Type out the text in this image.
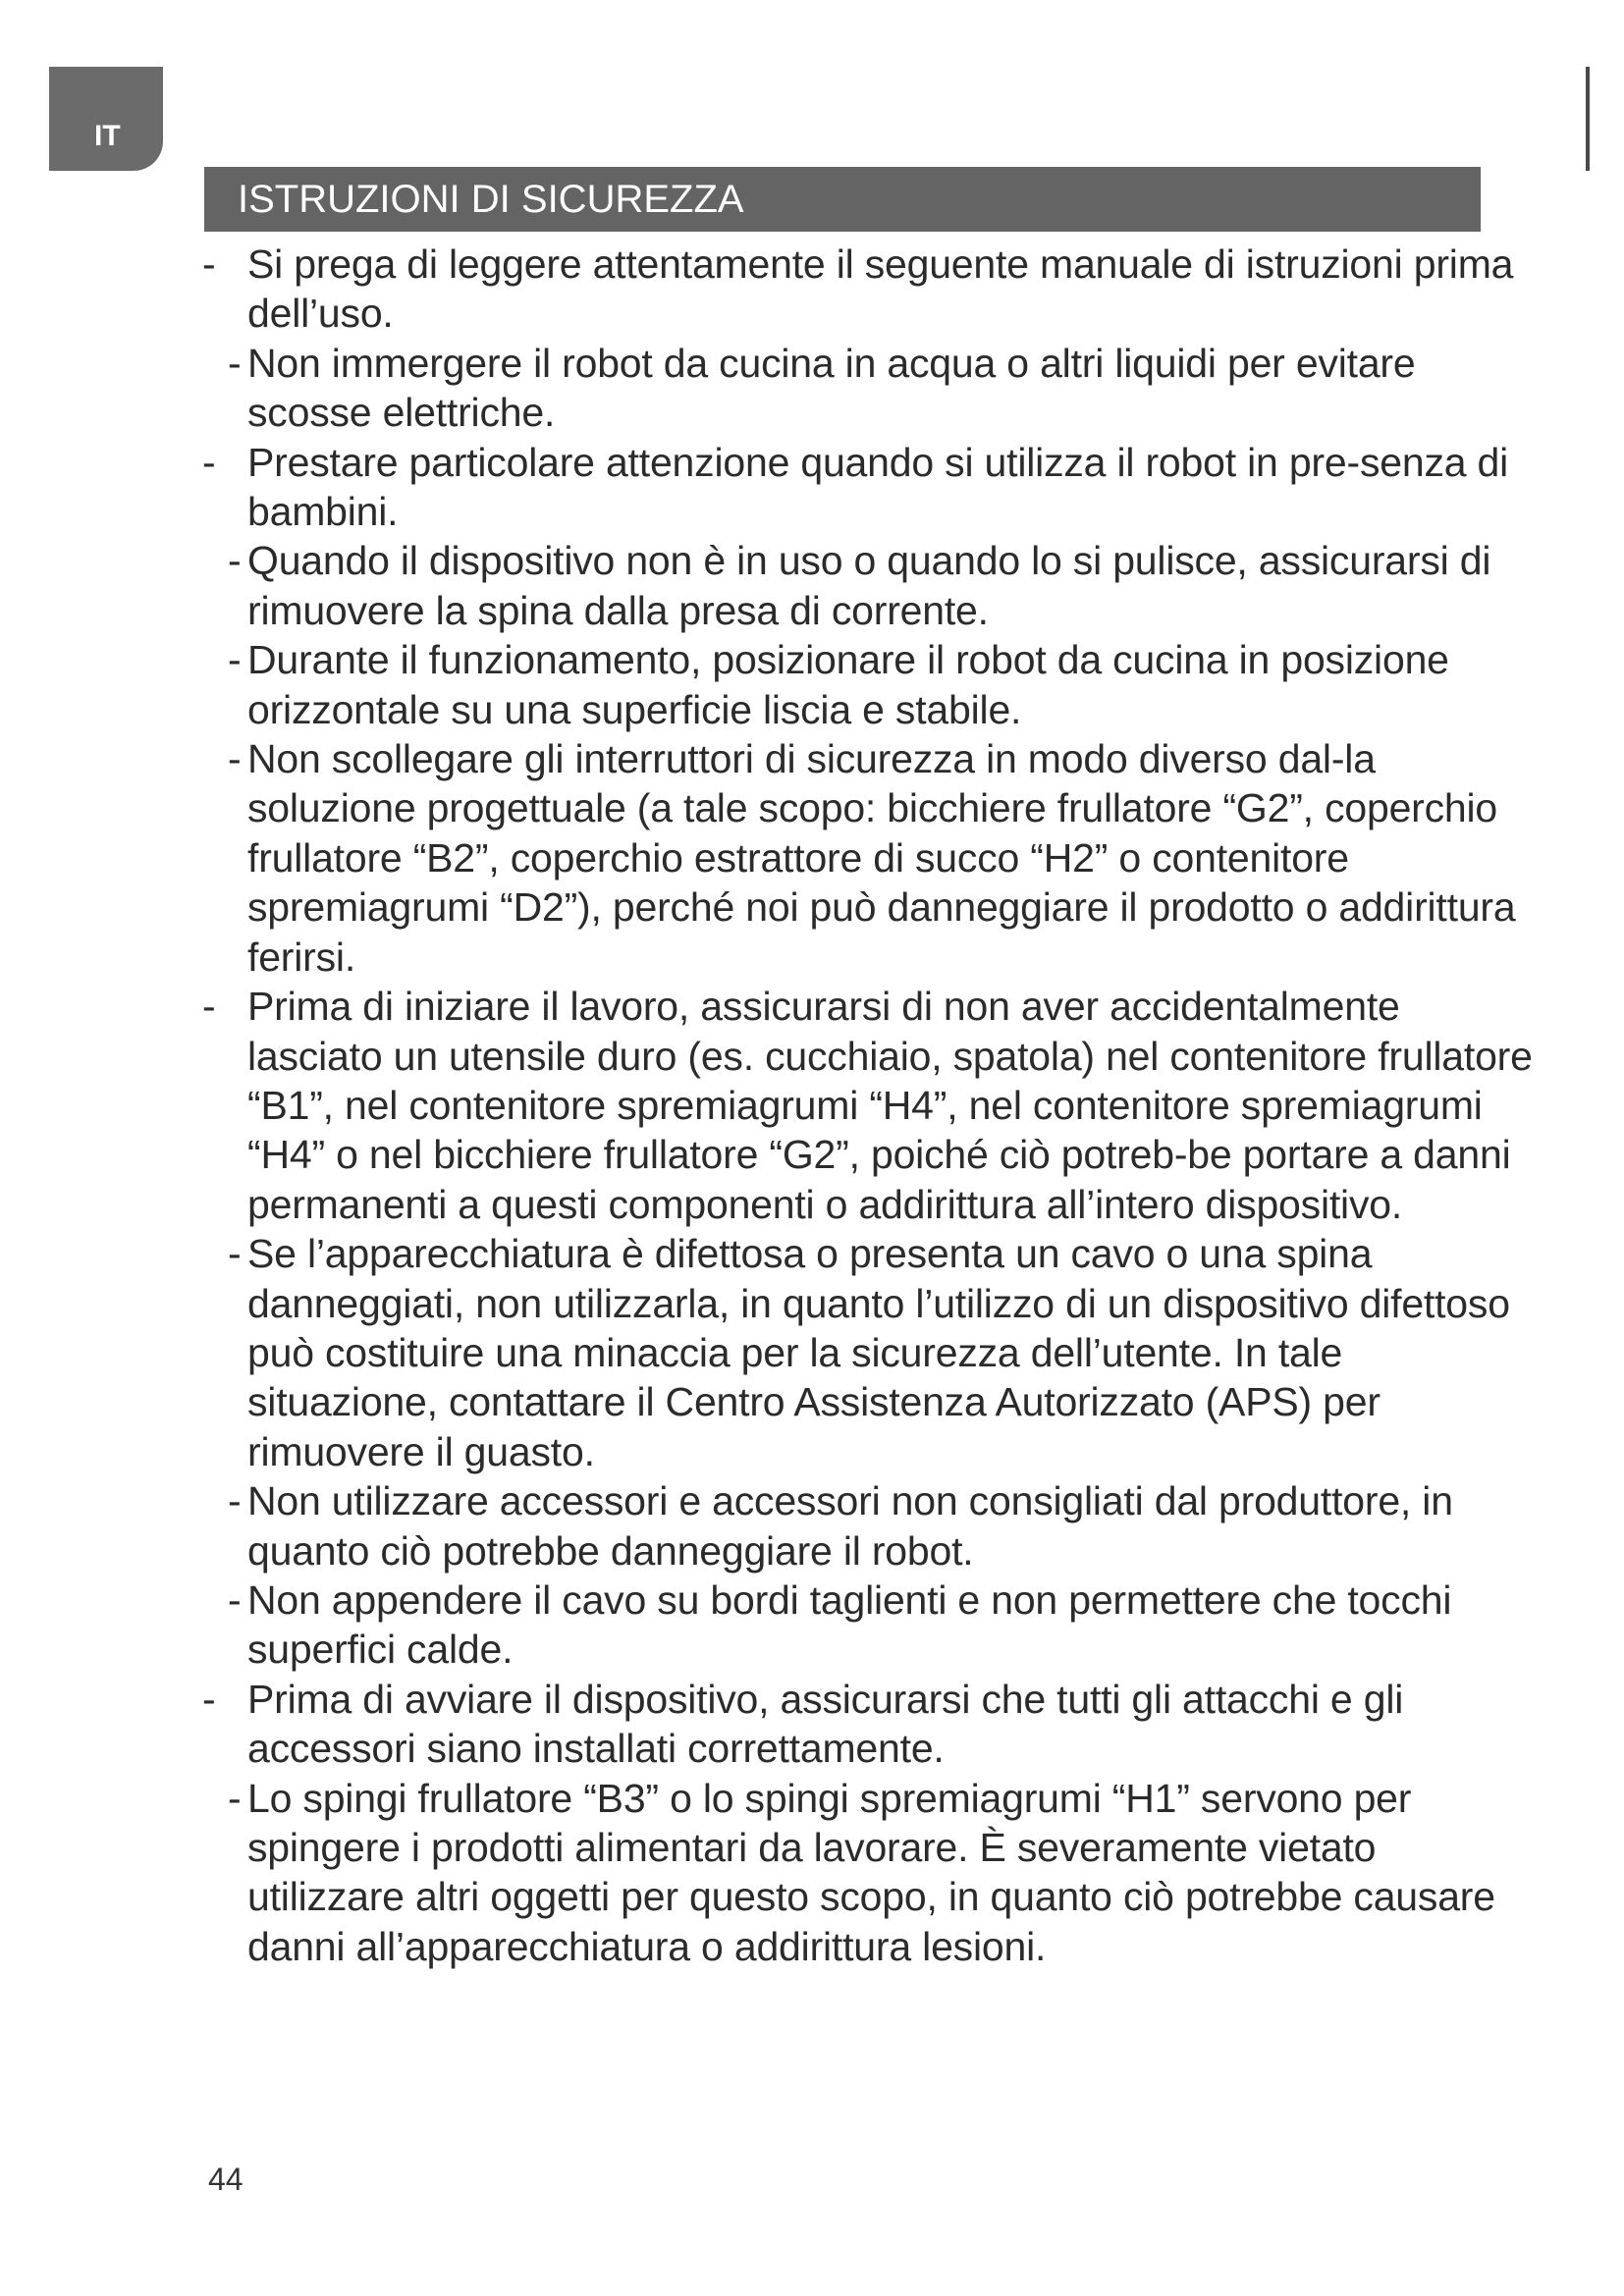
IT
ISTRUZIONI DI SICUREZZA
- Si prega di leggere attentamente il seguente manuale di istruzioni prima dell’uso.
- Non immergere il robot da cucina in acqua o altri liquidi per evitare scosse elettriche.
- Prestare particolare attenzione quando si utilizza il robot in pre-senza di bambini.
- Quando il dispositivo non è in uso o quando lo si pulisce, assicurarsi di rimuovere la spina dalla presa di corrente.
- Durante il funzionamento, posizionare il robot da cucina in posizione orizzontale su una superficie liscia e stabile.
- Non scollegare gli interruttori di sicurezza in modo diverso dal-la soluzione progettuale (a tale scopo: bicchiere frullatore “G2”, coperchio frullatore “B2”, coperchio estrattore di succo “H2” o contenitore spremiagrumi “D2”), perché noi può danneggiare il prodotto o addirittura ferirsi.
- Prima di iniziare il lavoro, assicurarsi di non aver accidentalmente lasciato un utensile duro (es. cucchiaio, spatola) nel contenitore frullatore “B1”, nel contenitore spremiagrumi “H4”, nel contenitore spremiagrumi “H4” o nel bicchiere frullatore “G2”, poiché ciò potreb-be portare a danni permanenti a questi componenti o addirittura all’intero dispositivo.
- Se l’apparecchiatura è difettosa o presenta un cavo o una spina danneggiati, non utilizzarla, in quanto l’utilizzo di un dispositivo difettoso può costituire una minaccia per la sicurezza dell’utente. In tale situazione, contattare il Centro Assistenza Autorizzato (APS) per rimuovere il guasto.
- Non utilizzare accessori e accessori non consigliati dal produttore, in quanto ciò potrebbe danneggiare il robot.
- Non appendere il cavo su bordi taglienti e non permettere che tocchi superfici calde.
- Prima di avviare il dispositivo, assicurarsi che tutti gli attacchi e gli accessori siano installati correttamente.
- Lo spingi frullatore “B3” o lo spingi spremiagrumi “H1” servono per spingere i prodotti alimentari da lavorare. È severamente vietato utilizzare altri oggetti per questo scopo, in quanto ciò potrebbe causare danni all’apparecchiatura o addirittura lesioni.
44
